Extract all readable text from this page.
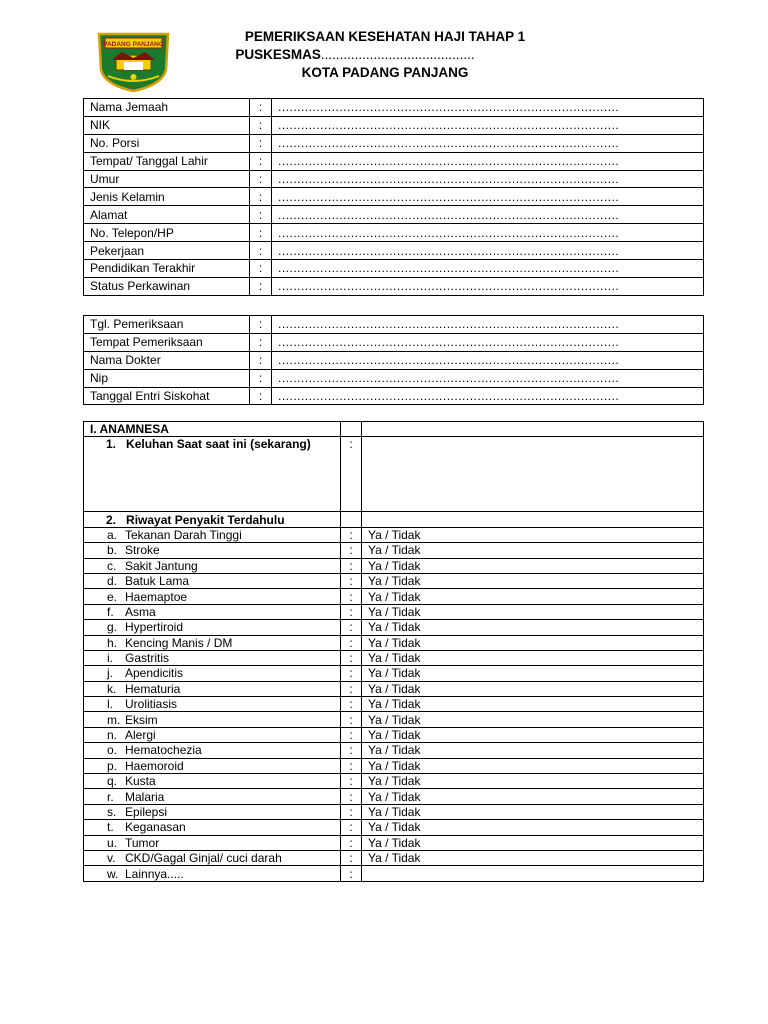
PADANG PANJANG
PEMERIKSAAN KESEHATAN HAJI TAHAP 1
PUSKESMAS.........................................
KOTA PADANG PANJANG
Nama Jemaah	:	.........................................................................................
NIK	:	.........................................................................................
No. Porsi	:	.........................................................................................
Tempat/ Tanggal Lahir	:	.........................................................................................
Umur	:	.........................................................................................
Jenis Kelamin	:	.........................................................................................
Alamat	:	.........................................................................................
No. Telepon/HP	:	.........................................................................................
Pekerjaan	:	.........................................................................................
Pendidikan Terakhir	:	.........................................................................................
Status Perkawinan	:	.........................................................................................
Tgl. Pemeriksaan	:	.........................................................................................
Tempat Pemeriksaan	:	.........................................................................................
Nama Dokter	:	.........................................................................................
Nip	:	.........................................................................................
Tanggal Entri Siskohat	:	.........................................................................................
I. ANAMNESA		
1. Keluhan Saat saat ini (sekarang)	:	
2. Riwayat Penyakit Terdahulu		
a. Tekanan Darah Tinggi	:	Ya / Tidak
b. Stroke	:	Ya / Tidak
c. Sakit Jantung	:	Ya / Tidak
d. Batuk Lama	:	Ya / Tidak
e. Haemaptoe	:	Ya / Tidak
f. Asma	:	Ya / Tidak
g. Hypertiroid	:	Ya / Tidak
h. Kencing Manis / DM	:	Ya / Tidak
i. Gastritis	:	Ya / Tidak
j. Apendicitis	:	Ya / Tidak
k. Hematuria	:	Ya / Tidak
l. Urolitiasis	:	Ya / Tidak
m. Eksim	:	Ya / Tidak
n. Alergi	:	Ya / Tidak
o. Hematochezia	:	Ya / Tidak
p. Haemoroid	:	Ya / Tidak
q. Kusta	:	Ya / Tidak
r. Malaria	:	Ya / Tidak
s. Epilepsi	:	Ya / Tidak
t. Keganasan	:	Ya / Tidak
u. Tumor	:	Ya / Tidak
v. CKD/Gagal Ginjal/ cuci darah	:	Ya / Tidak
w. Lainnya.....	:	
